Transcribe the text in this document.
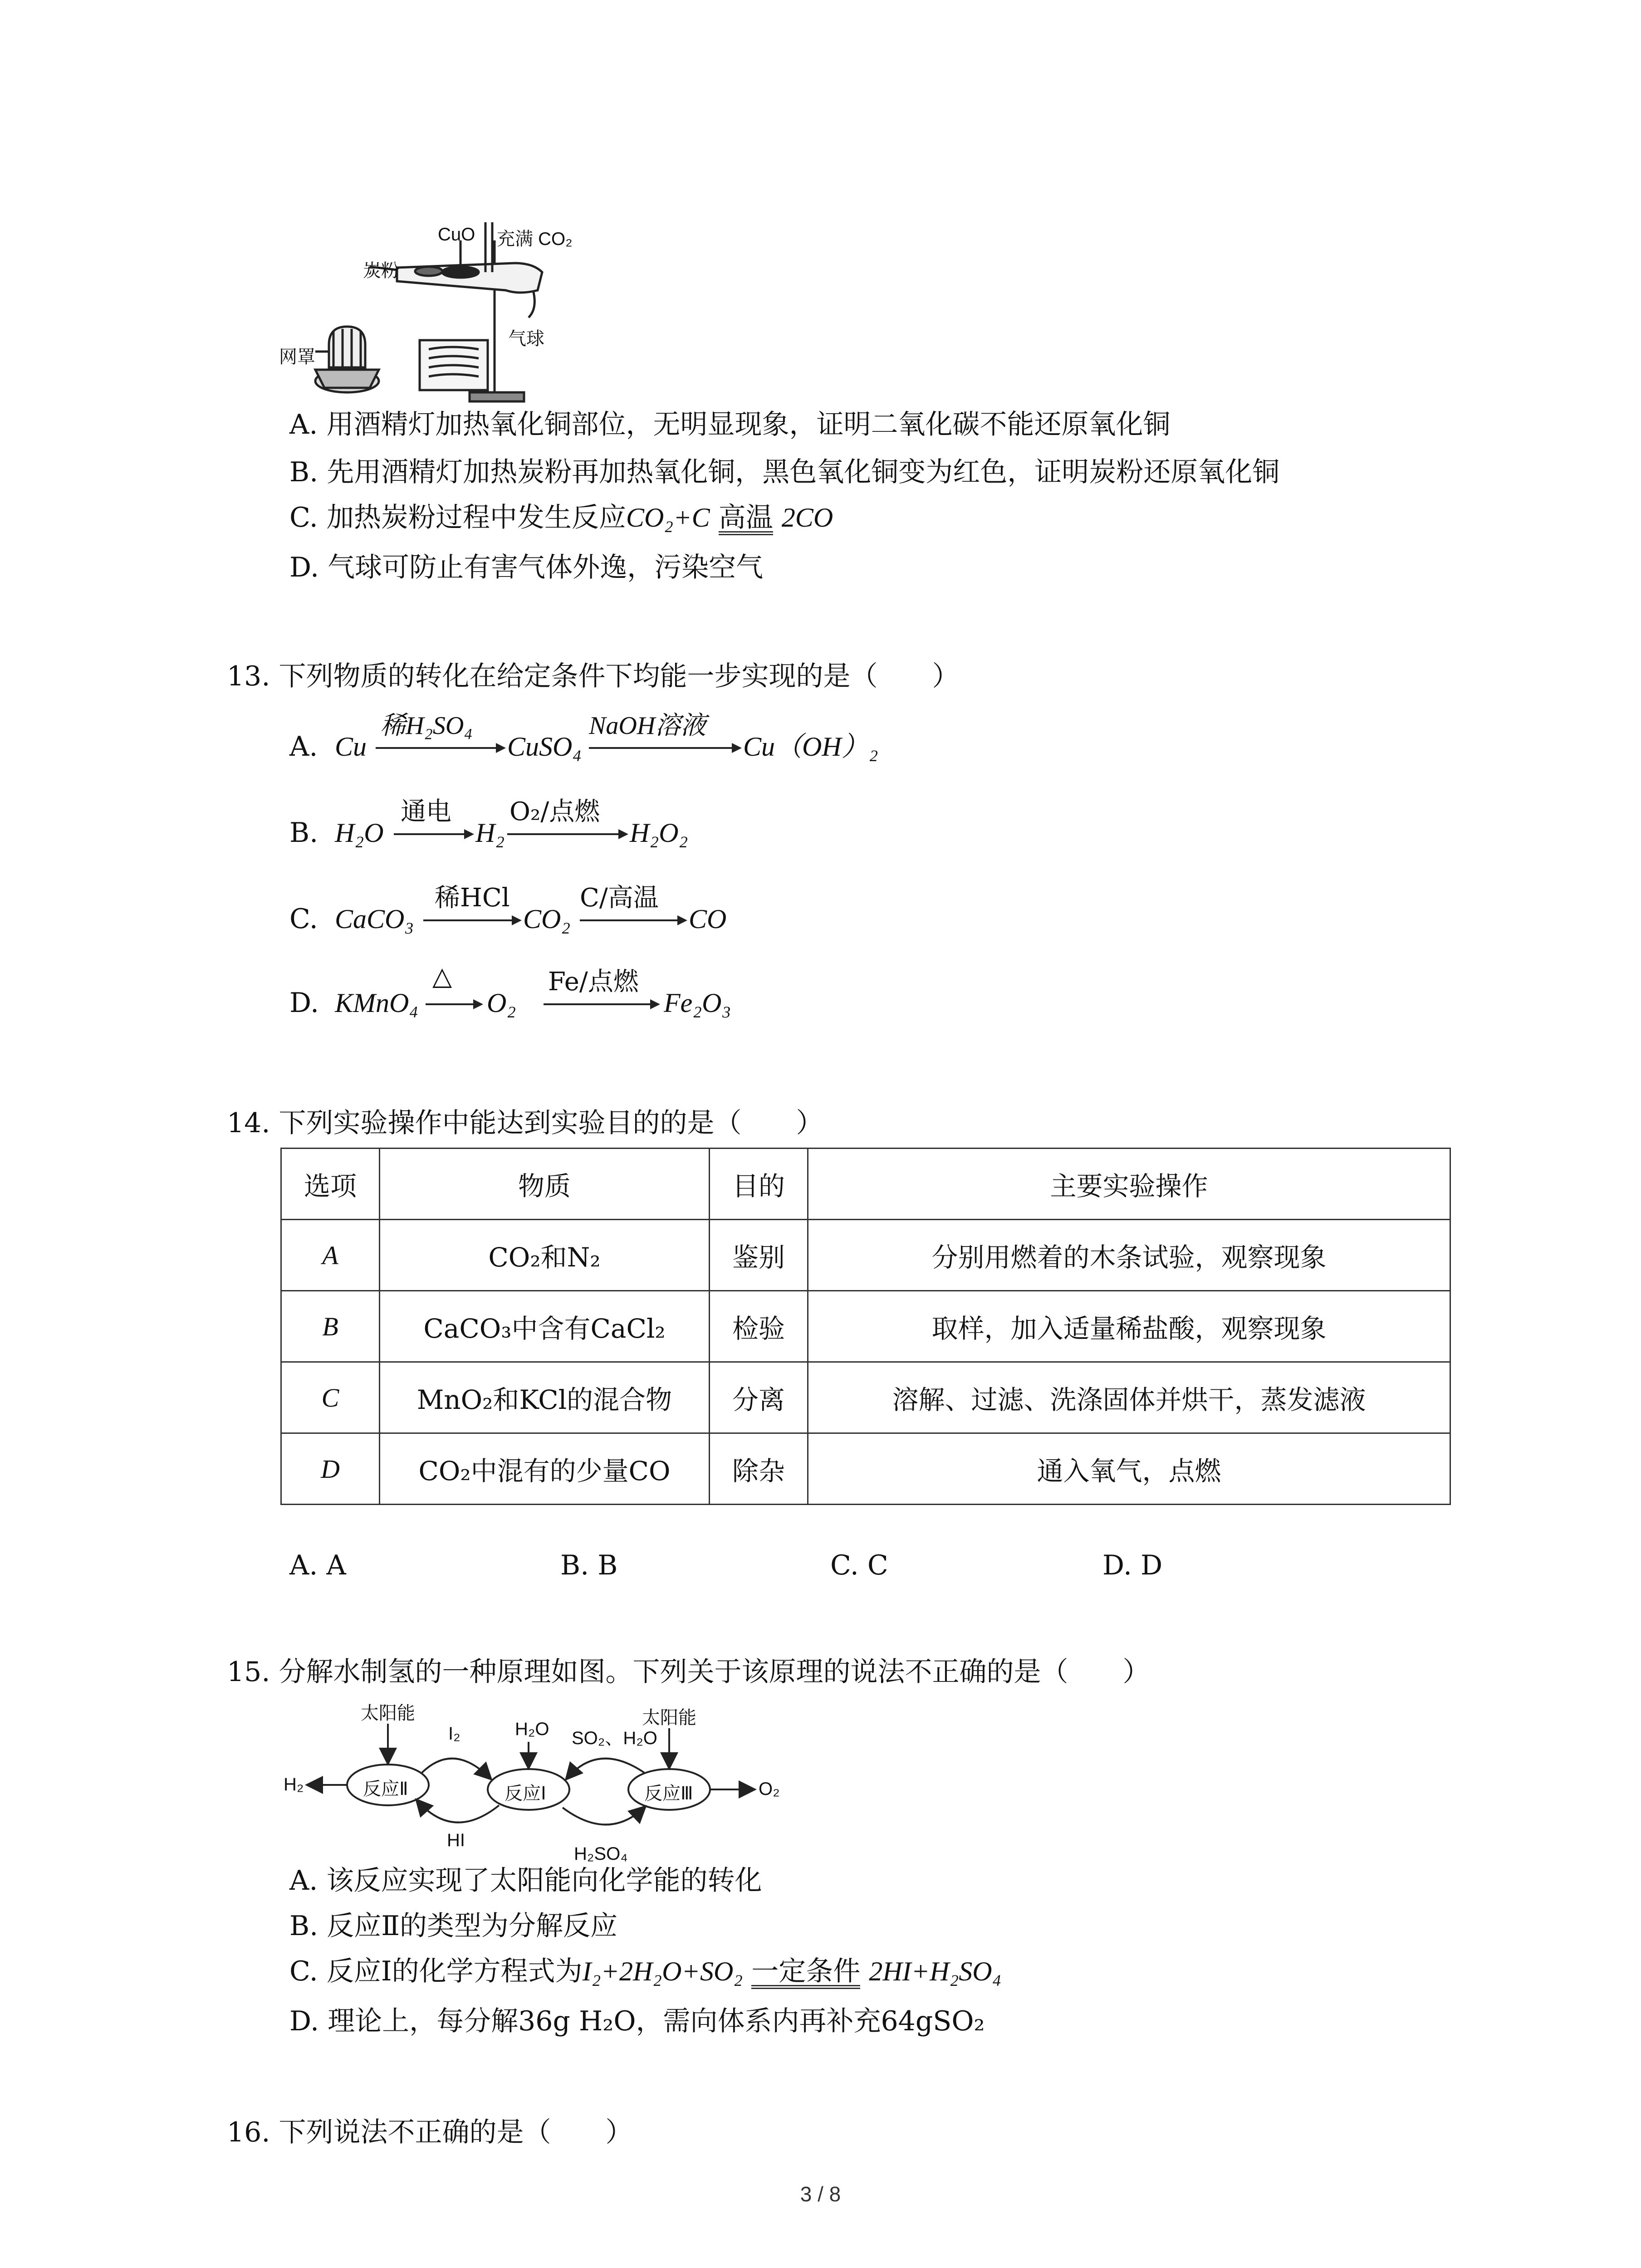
CuO 充满 CO₂
炭粉
气球
网罩
A. 用酒精灯加热氧化铜部位，无明显现象，证明二氧化碳不能还原氧化铜
B. 先用酒精灯加热炭粉再加热氧化铜，黑色氧化铜变为红色，证明炭粉还原氧化铜
C. 加热炭粉过程中发生反应CO₂+C 高温 2CO
D. 气球可防止有害气体外逸，污染空气
13. 下列物质的转化在给定条件下均能一步实现的是（　　）
A. Cu
稀H₂SO₄
CuSO₄
NaOH溶液
Cu（OH）₂
B. H₂O
通电
H₂
O₂/点燃
H₂O₂
C. CaCO₃
稀HCl
CO₂
C/高温
CO
D. KMnO₄
△
O₂
Fe/点燃
Fe₂O₃
14. 下列实验操作中能达到实验目的的是（　　）
选项	物质	目的	主要实验操作
A	CO₂和N₂	鉴别	分别用燃着的木条试验，观察现象
B	CaCO₃中含有CaCl₂	检验	取样，加入适量稀盐酸，观察现象
C	MnO₂和KCl的混合物	分离	溶解、过滤、洗涤固体并烘干，蒸发滤液
D	CO₂中混有的少量CO	除杂	通入氧气，点燃
A. A	B. B	C. C	D. D
15. 分解水制氢的一种原理如图。下列关于该原理的说法不正确的是（　　）
反应Ⅱ	反应Ⅰ	反应Ⅲ
太阳能	太阳能
I₂	H₂O SO₂、H₂O
H₂	O₂
HI
H₂SO₄
A. 该反应实现了太阳能向化学能的转化
B. 反应Ⅱ的类型为分解反应
C. 反应Ⅰ的化学方程式为I₂+2H₂O+SO₂ 一定条件 2HI+H₂SO₄
D. 理论上，每分解36g H₂O，需向体系内再补充64gSO₂
16. 下列说法不正确的是（　　）
3 / 8
